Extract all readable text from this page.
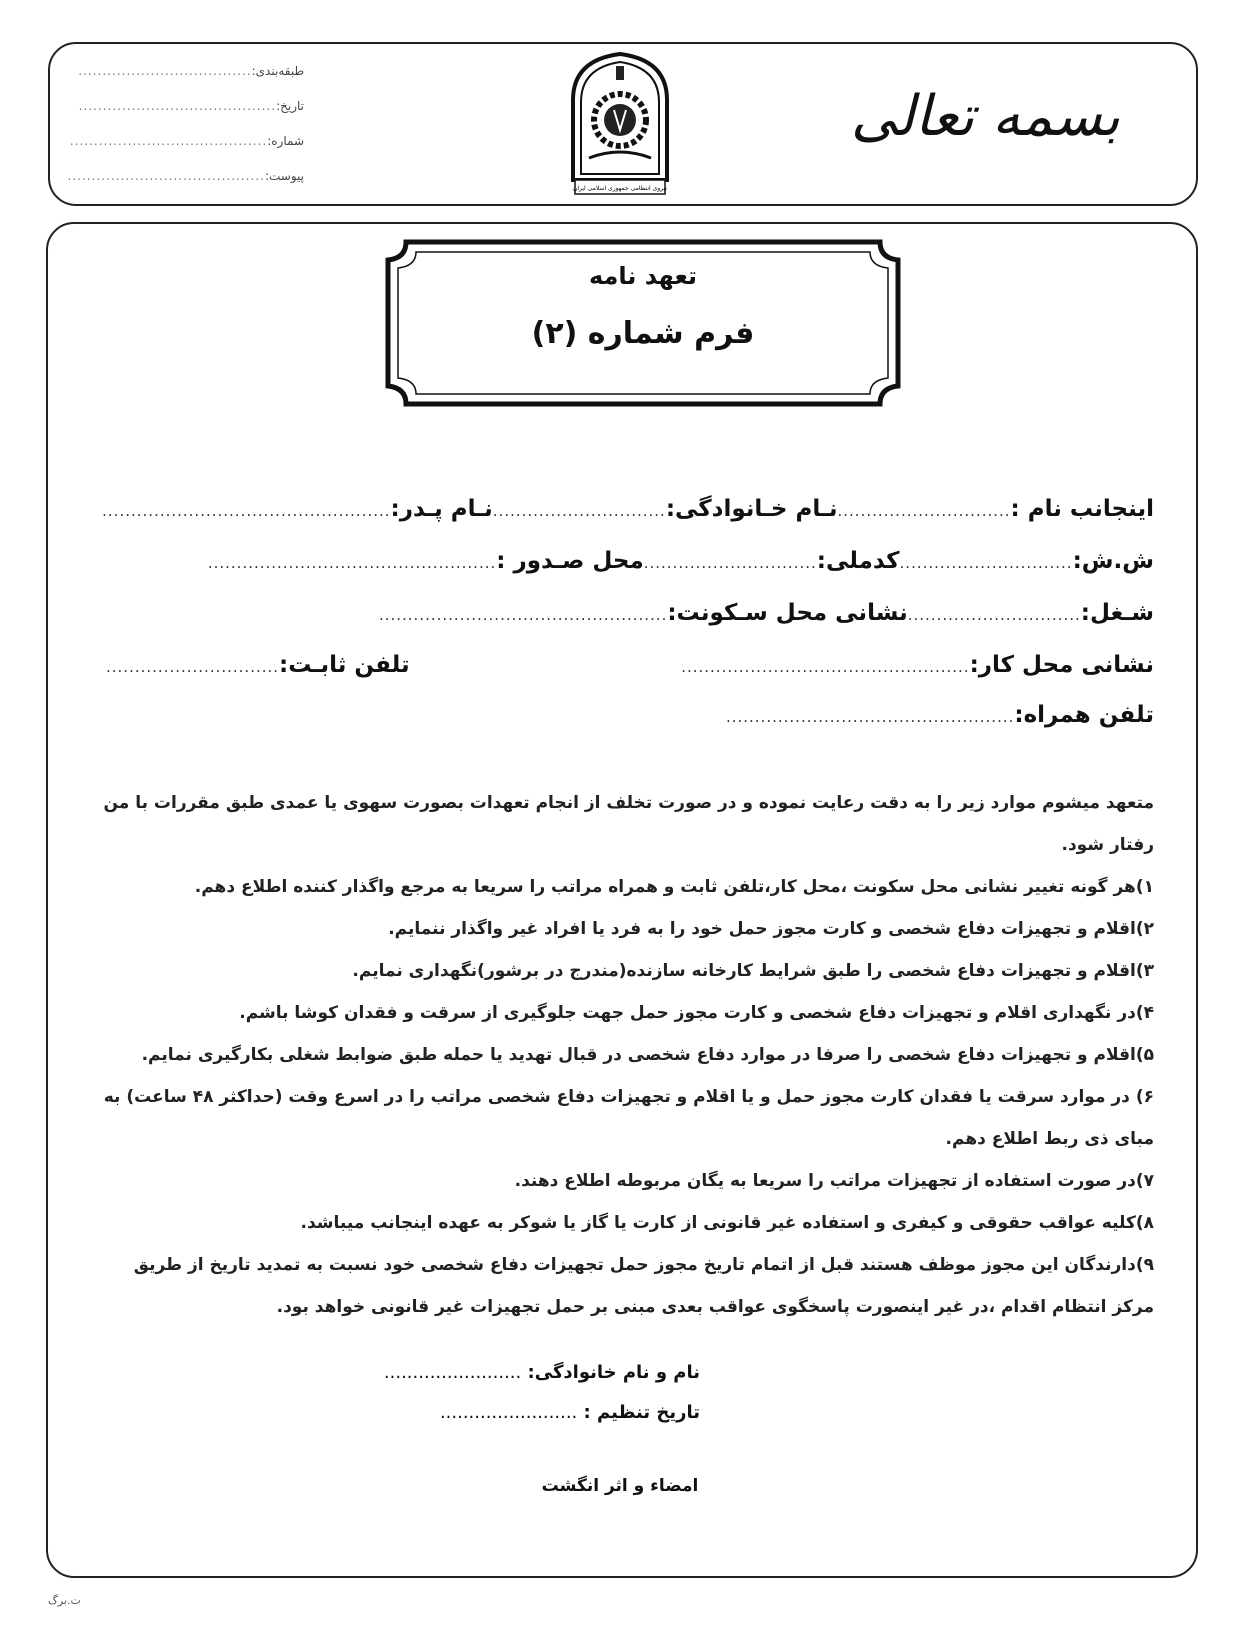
طبقه‌بندی:
....................................
تاریخ:
.........................................
شماره:
.........................................
پیوست:
.........................................
نیروی انتظامی جمهوری اسلامی ایران
بسمه تعالی
تعهد نامه
فرم شماره (۲)
اینجانب نام :
..............................
نـام خـانوادگی:
..............................
نـام پـدر:
..................................................
ش.ش:
..............................
کدملی:
..............................
محل صـدور :
..................................................
شـغل:
..............................
نشانی محل سـکونت:
..................................................
نشانی محل کار:
..................................................
تلفن ثابـت:
..............................
تلفن همراه:
..................................................
متعهد میشوم موارد زیر را به دقت رعایت نموده و در صورت تخلف از انجام تعهدات بصورت سهوی یا عمدی طبق مقررات با من رفتار شود.
۱)هر گونه تغییر نشانی محل سکونت ،محل کار،تلفن ثابت و همراه مراتب را سریعا به مرجع واگذار کننده اطلاع دهم.
۲)اقلام و تجهیزات دفاع شخصی و کارت مجوز حمل خود را به فرد یا افراد غیر واگذار ننمایم.
۳)اقلام و تجهیزات دفاع شخصی را طبق شرایط کارخانه سازنده(مندرج در برشور)نگهداری نمایم.
۴)در نگهداری اقلام و تجهیزات دفاع شخصی و کارت مجوز حمل جهت جلوگیری از سرقت و فقدان کوشا باشم.
۵)اقلام و تجهیزات دفاع شخصی را صرفا در موارد دفاع شخصی در قبال تهدید یا حمله طبق ضوابط شغلی بکارگیری نمایم.
۶) در موارد سرقت یا فقدان کارت مجوز حمل و یا اقلام و تجهیزات دفاع شخصی مراتب را در اسرع وقت (حداکثر ۴۸ ساعت) به مبای ذی ربط اطلاع دهم.
۷)در صورت استفاده از تجهیزات مراتب را سریعا به یگان مربوطه اطلاع دهند.
۸)کلیه عواقب حقوقی و کیفری و استفاده غیر قانونی از کارت یا گاز یا شوکر به عهده اینجانب میباشد.
۹)دارندگان این مجوز موظف هستند قبل از اتمام تاریخ مجوز حمل تجهیزات دفاع شخصی خود نسبت به تمدید تاریخ از طریق مرکز انتظام اقدام ،در غیر اینصورت پاسخگوی عواقب بعدی مبنی بر حمل تجهیزات غیر قانونی خواهد بود.
نام و نام خانوادگی: ........................
تاریخ تنظیم : ........................
امضاء و اثر انگشت
ت.برگ
